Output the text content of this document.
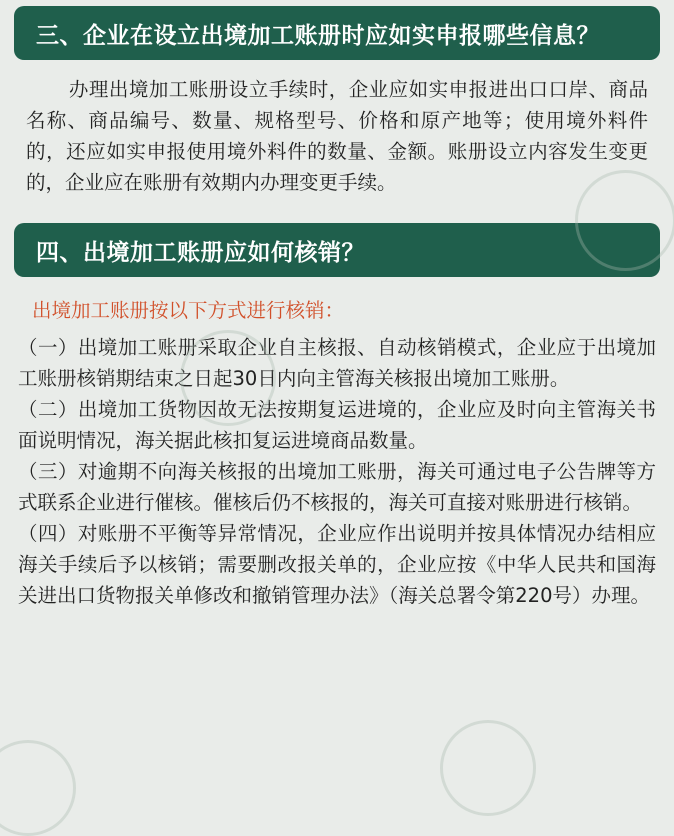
三、企业在设立出境加工账册时应如实申报哪些信息？

办理出境加工账册设立手续时，企业应如实申报进出口口岸、商品名称、商品编号、数量、规格型号、价格和原产地等；使用境外料件的，还应如实申报使用境外料件的数量、金额。账册设立内容发生变更的，企业应在账册有效期内办理变更手续。

四、出境加工账册应如何核销？
出境加工账册按以下方式进行核销：

（一）出境加工账册采取企业自主核报、自动核销模式，企业应于出境加工账册核销期结束之日起30日内向主管海关核报出境加工账册。

（二）出境加工货物因故无法按期复运进境的，企业应及时向主管海关书面说明情况，海关据此核扣复运进境商品数量。

（三）对逾期不向海关核报的出境加工账册，海关可通过电子公告牌等方式联系企业进行催核。催核后仍不核报的，海关可直接对账册进行核销。

（四）对账册不平衡等异常情况，企业应作出说明并按具体情况办结相应海关手续后予以核销；需要删改报关单的，企业应按《中华人民共和国海关进出口货物报关单修改和撤销管理办法》（海关总署令第220号）办理。
